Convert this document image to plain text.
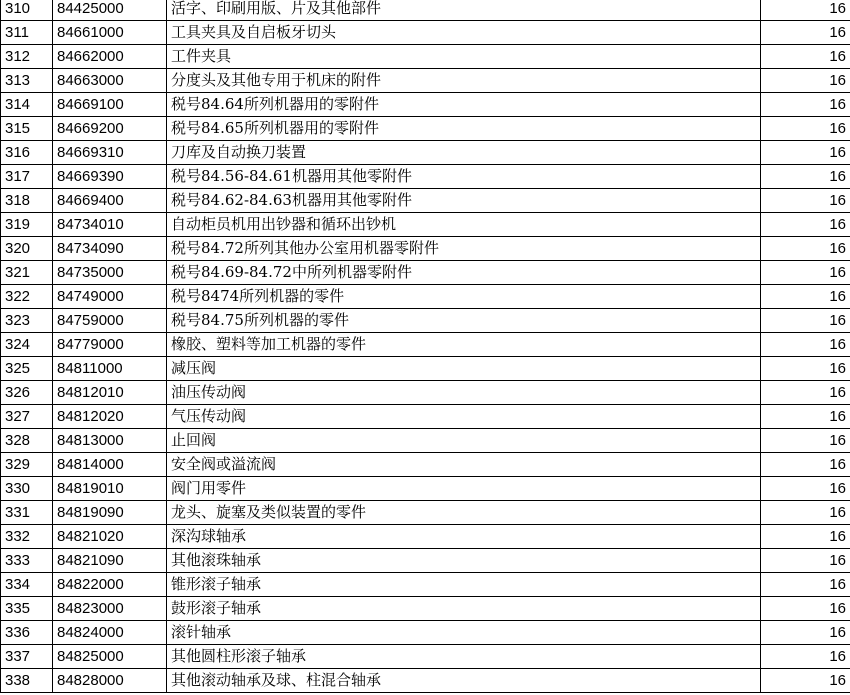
310	84425000	活字、印刷用版、片及其他部件	16
311	84661000	工具夹具及自启板牙切头	16
312	84662000	工件夹具	16
313	84663000	分度头及其他专用于机床的附件	16
314	84669100	税号84.64所列机器用的零附件	16
315	84669200	税号84.65所列机器用的零附件	16
316	84669310	刀库及自动换刀装置	16
317	84669390	税号84.56-84.61机器用其他零附件	16
318	84669400	税号84.62-84.63机器用其他零附件	16
319	84734010	自动柜员机用出钞器和循环出钞机	16
320	84734090	税号84.72所列其他办公室用机器零附件	16
321	84735000	税号84.69-84.72中所列机器零附件	16
322	84749000	税号8474所列机器的零件	16
323	84759000	税号84.75所列机器的零件	16
324	84779000	橡胶、塑料等加工机器的零件	16
325	84811000	减压阀	16
326	84812010	油压传动阀	16
327	84812020	气压传动阀	16
328	84813000	止回阀	16
329	84814000	安全阀或溢流阀	16
330	84819010	阀门用零件	16
331	84819090	龙头、旋塞及类似装置的零件	16
332	84821020	深沟球轴承	16
333	84821090	其他滚珠轴承	16
334	84822000	锥形滚子轴承	16
335	84823000	鼓形滚子轴承	16
336	84824000	滚针轴承	16
337	84825000	其他圆柱形滚子轴承	16
338	84828000	其他滚动轴承及球、柱混合轴承	16
